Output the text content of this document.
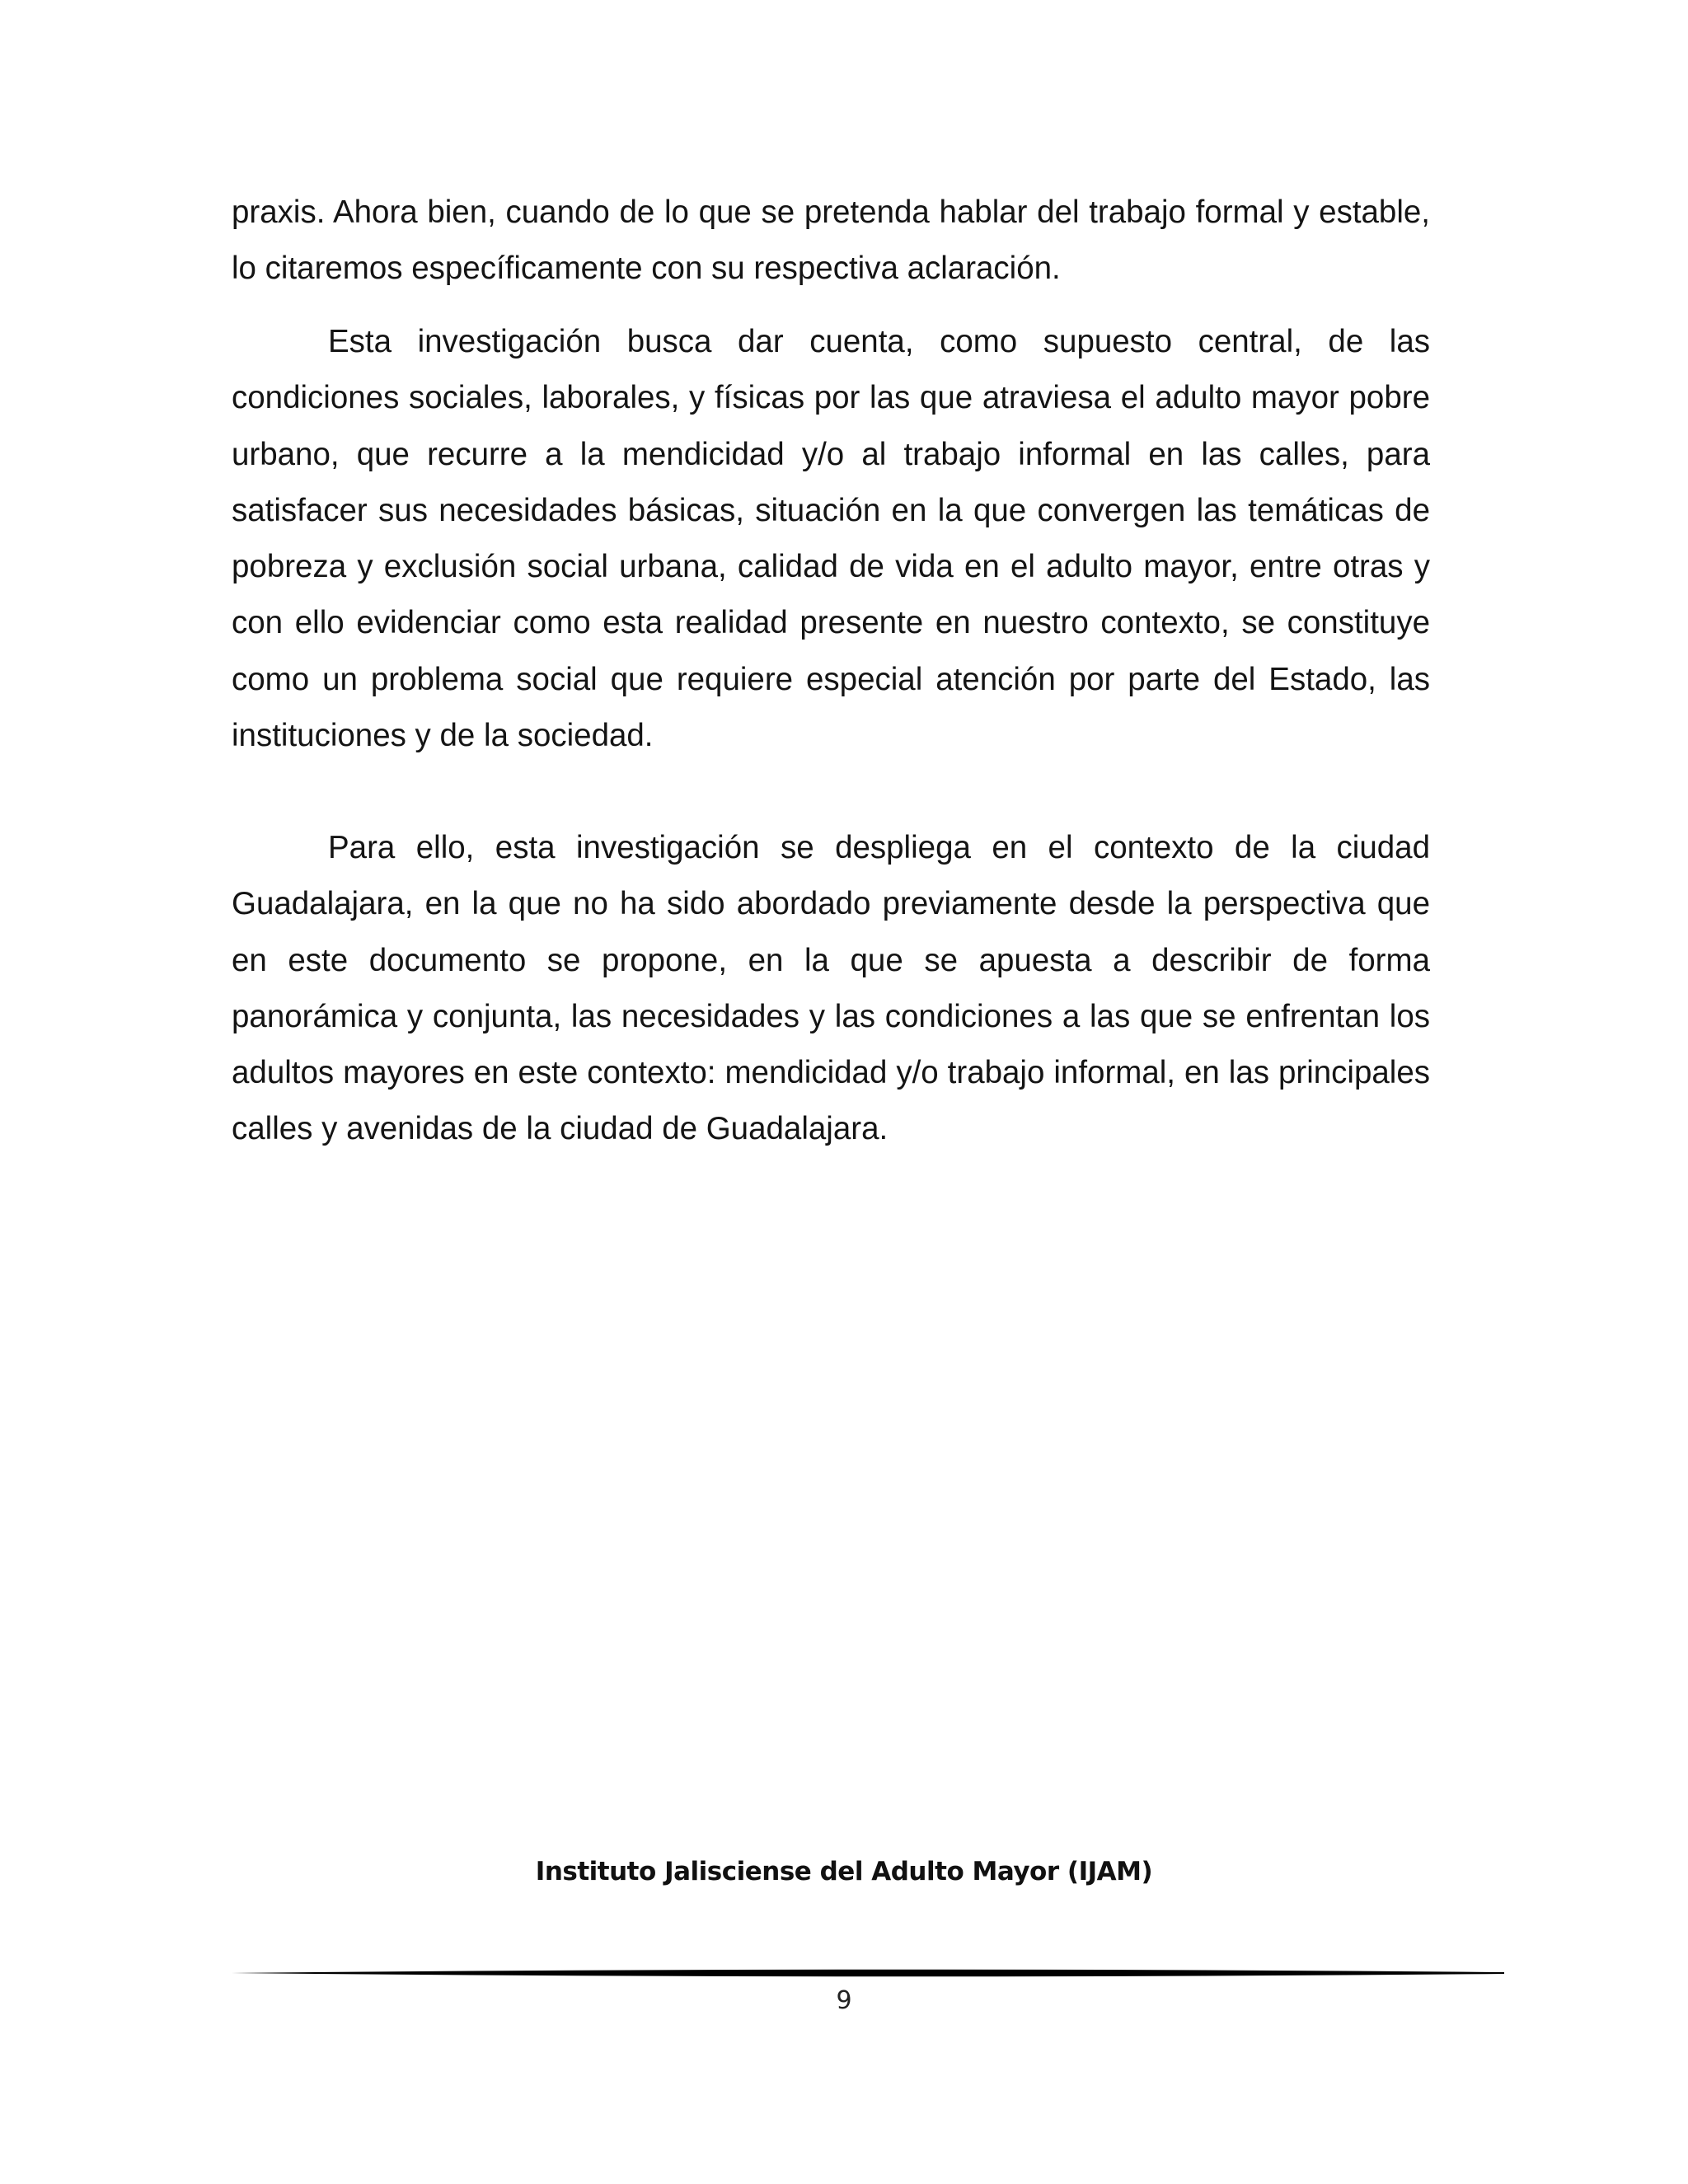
praxis. Ahora bien, cuando de lo que se pretenda hablar del trabajo formal y estable, lo citaremos específicamente con su respectiva aclaración.

Esta investigación busca dar cuenta, como supuesto central, de las condiciones sociales, laborales, y físicas por las que atraviesa el adulto mayor pobre urbano, que recurre a la mendicidad y/o al trabajo informal en las calles, para satisfacer sus necesidades básicas, situación en la que convergen las temáticas de pobreza y exclusión social urbana, calidad de vida en el adulto mayor, entre otras y con ello evidenciar como esta realidad presente en nuestro contexto, se constituye como un problema social que requiere especial atención por parte del Estado, las instituciones y de la sociedad.

Para ello, esta investigación se despliega en el contexto de la ciudad Guadalajara, en la que no ha sido abordado previamente desde la perspectiva que en este documento se propone, en la que se apuesta a describir de forma panorámica y conjunta, las necesidades y las condiciones a las que se enfrentan los adultos mayores en este contexto: mendicidad y/o trabajo informal, en las principales calles y avenidas de la ciudad de Guadalajara.

Instituto Jalisciense del Adulto Mayor (IJAM)
9
